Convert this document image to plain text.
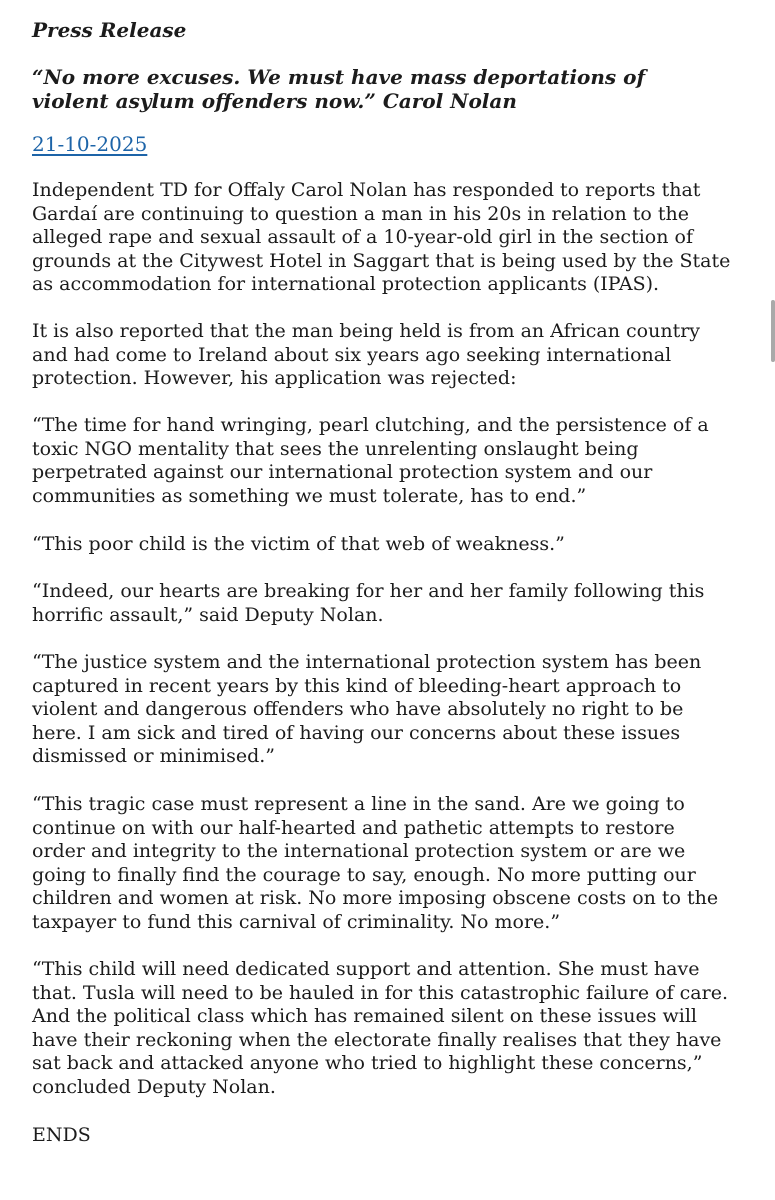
Press Release

“No more excuses. We must have mass deportations of violent asylum offenders now.” Carol Nolan

21-10-2025

Independent TD for Offaly Carol Nolan has responded to reports that Gardaí are continuing to question a man in his 20s in relation to the alleged rape and sexual assault of a 10-year-old girl in the section of grounds at the Citywest Hotel in Saggart that is being used by the State as accommodation for international protection applicants (IPAS).

It is also reported that the man being held is from an African country and had come to Ireland about six years ago seeking international protection. However, his application was rejected:

“The time for hand wringing, pearl clutching, and the persistence of a toxic NGO mentality that sees the unrelenting onslaught being perpetrated against our international protection system and our communities as something we must tolerate, has to end.”

“This poor child is the victim of that web of weakness.”

“Indeed, our hearts are breaking for her and her family following this horrific assault,” said Deputy Nolan.

“The justice system and the international protection system has been captured in recent years by this kind of bleeding-heart approach to violent and dangerous offenders who have absolutely no right to be here. I am sick and tired of having our concerns about these issues dismissed or minimised.”

“This tragic case must represent a line in the sand. Are we going to continue on with our half-hearted and pathetic attempts to restore order and integrity to the international protection system or are we going to finally find the courage to say, enough. No more putting our children and women at risk. No more imposing obscene costs on to the taxpayer to fund this carnival of criminality. No more.”

“This child will need dedicated support and attention. She must have that. Tusla will need to be hauled in for this catastrophic failure of care. And the political class which has remained silent on these issues will have their reckoning when the electorate finally realises that they have sat back and attacked anyone who tried to highlight these concerns,” concluded Deputy Nolan.

ENDS
